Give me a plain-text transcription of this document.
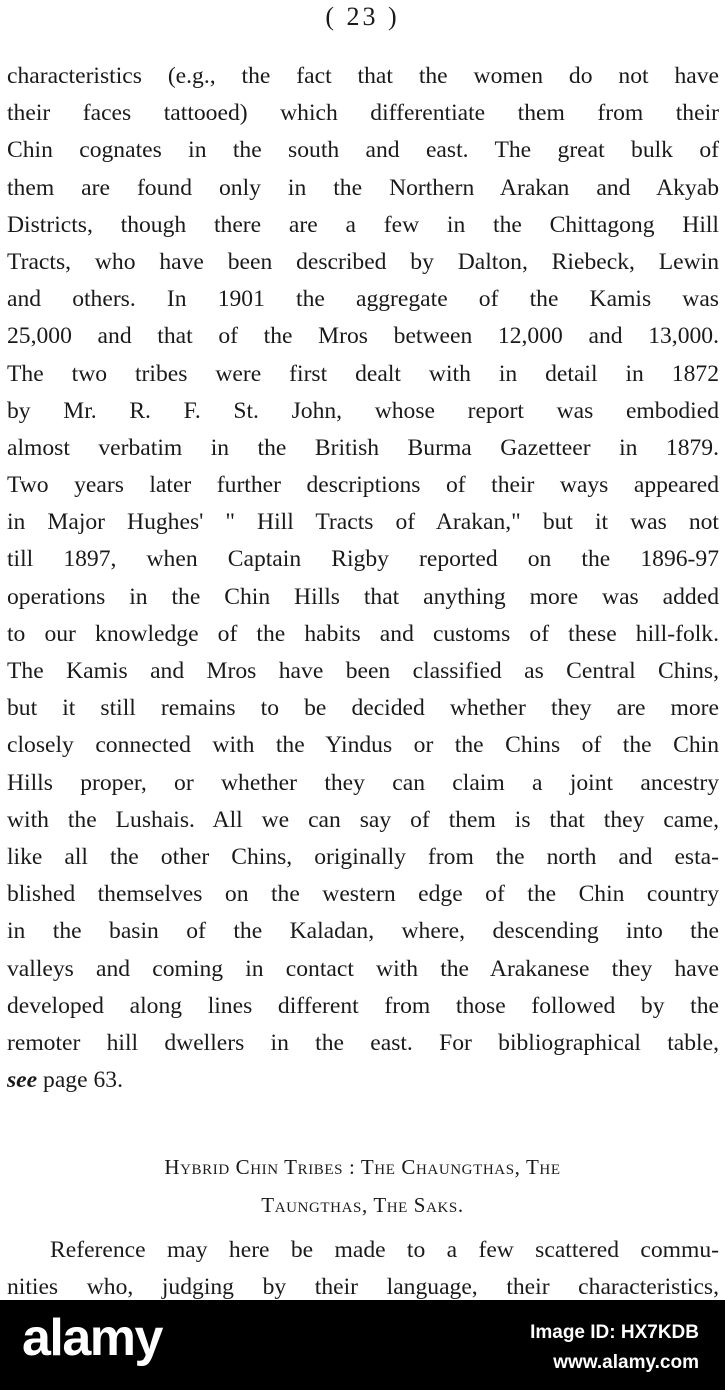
( 23 )
characteristics (e.g., the fact that the women do not have
their faces tattooed) which differentiate them from their
Chin cognates in the south and east. The great bulk of
them are found only in the Northern Arakan and Akyab
Districts, though there are a few in the Chittagong Hill
Tracts, who have been described by Dalton, Riebeck, Lewin
and others. In 1901 the aggregate of the Kamis was
25,000 and that of the Mros between 12,000 and 13,000.
The two tribes were first dealt with in detail in 1872
by Mr. R. F. St. John, whose report was embodied
almost verbatim in the British Burma Gazetteer in 1879.
Two years later further descriptions of their ways appeared
in Major Hughes' " Hill Tracts of Arakan," but it was not
till 1897, when Captain Rigby reported on the 1896-97
operations in the Chin Hills that anything more was added
to our knowledge of the habits and customs of these hill-folk.
The Kamis and Mros have been classified as Central Chins,
but it still remains to be decided whether they are more
closely connected with the Yindus or the Chins of the Chin
Hills proper, or whether they can claim a joint ancestry
with the Lushais. All we can say of them is that they came,
like all the other Chins, originally from the north and esta-
blished themselves on the western edge of the Chin country
in the basin of the Kaladan, where, descending into the
valleys and coming in contact with the Arakanese they have
developed along lines different from those followed by the
remoter hill dwellers in the east. For bibliographical table,
see page 63.
Hybrid Chin Tribes : The Chaungthas, The
Taungthas, The Saks.
Reference may here be made to a few scattered commu-
nities who, judging by their language, their characteristics,
alamy	Image ID: HX7KDB
www.alamy.com
